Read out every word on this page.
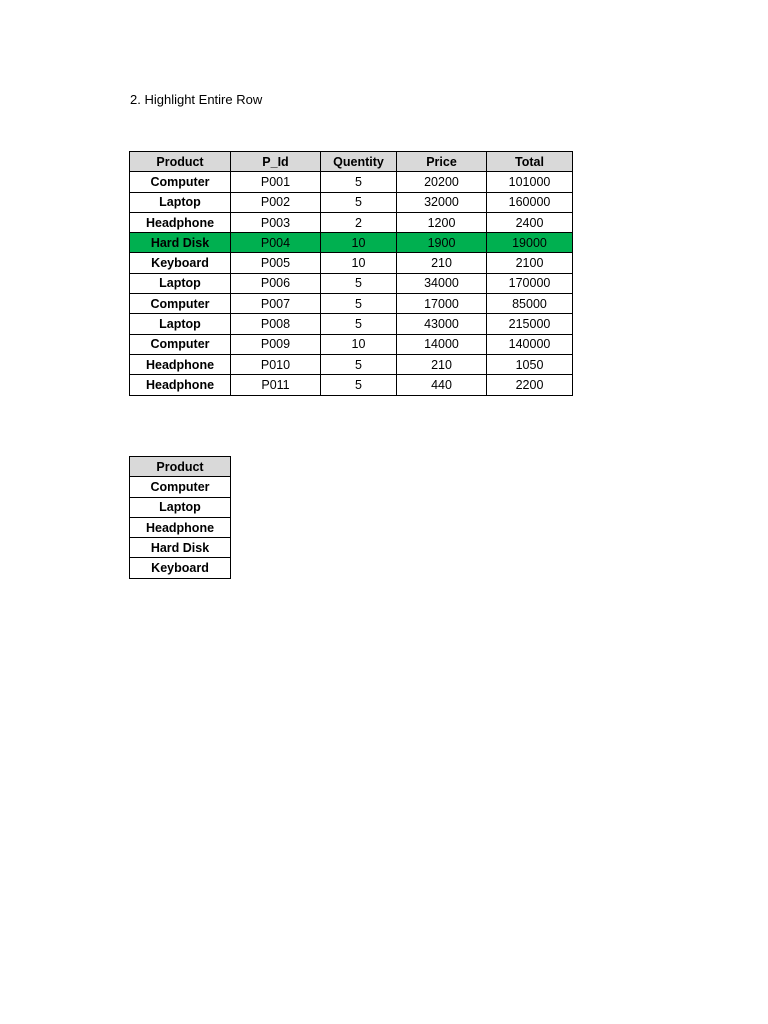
2. Highlight Entire Row
Product	P_Id	Quentity	Price	Total
Computer	P001	5	20200	101000
Laptop	P002	5	32000	160000
Headphone	P003	2	1200	2400
Hard Disk	P004	10	1900	19000
Keyboard	P005	10	210	2100
Laptop	P006	5	34000	170000
Computer	P007	5	17000	85000
Laptop	P008	5	43000	215000
Computer	P009	10	14000	140000
Headphone	P010	5	210	1050
Headphone	P011	5	440	2200
Product
Computer
Laptop
Headphone
Hard Disk
Keyboard
